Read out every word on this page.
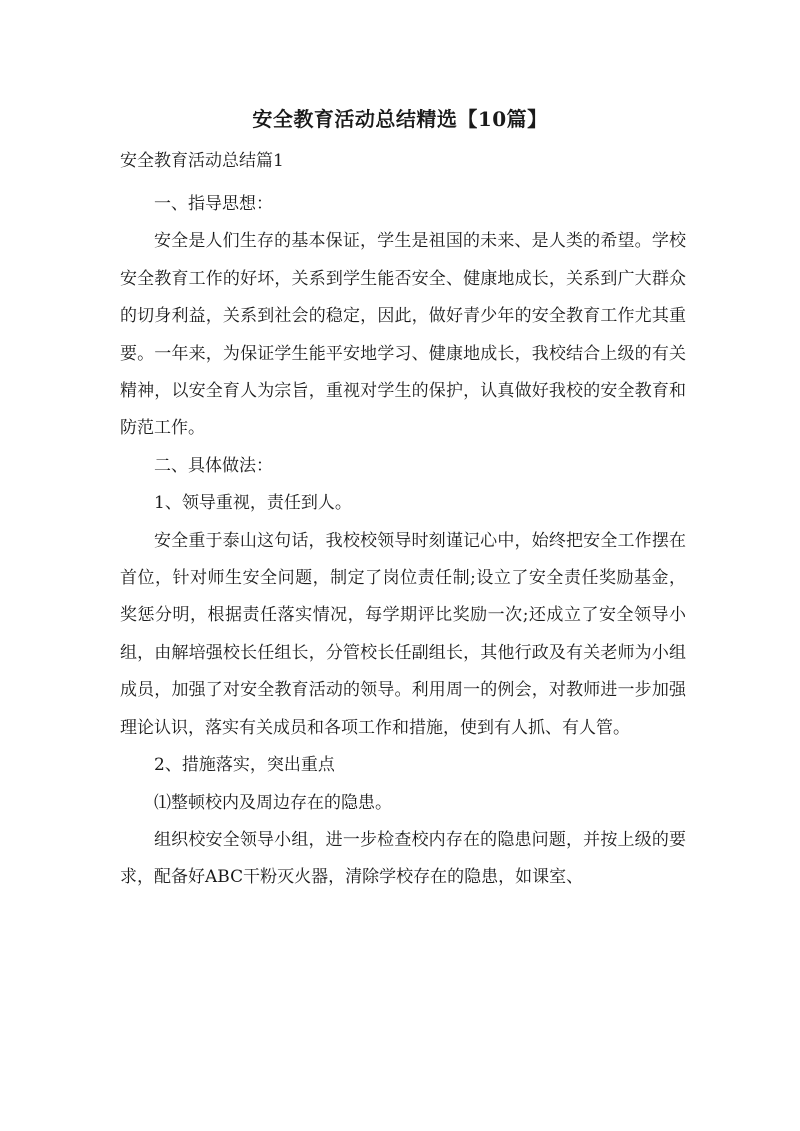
安全教育活动总结精选【10篇】
安全教育活动总结篇1

一、指导思想：

安全是人们生存的基本保证，学生是祖国的未来、是人类的希望。学校安全教育工作的好坏，关系到学生能否安全、健康地成长，关系到广大群众的切身利益，关系到社会的稳定，因此，做好青少年的安全教育工作尤其重要。一年来，为保证学生能平安地学习、健康地成长，我校结合上级的有关精神，以安全育人为宗旨，重视对学生的保护，认真做好我校的安全教育和防范工作。

二、具体做法：

1、领导重视，责任到人。

安全重于泰山这句话，我校校领导时刻谨记心中，始终把安全工作摆在首位，针对师生安全问题，制定了岗位责任制;设立了安全责任奖励基金，奖惩分明，根据责任落实情况，每学期评比奖励一次;还成立了安全领导小组，由解培强校长任组长，分管校长任副组长，其他行政及有关老师为小组成员，加强了对安全教育活动的领导。利用周一的例会，对教师进一步加强理论认识，落实有关成员和各项工作和措施，使到有人抓、有人管。

2、措施落实，突出重点

⑴整顿校内及周边存在的隐患。

组织校安全领导小组，进一步检查校内存在的隐患问题，并按上级的要求，配备好ABC干粉灭火器，清除学校存在的隐患，如课室、
